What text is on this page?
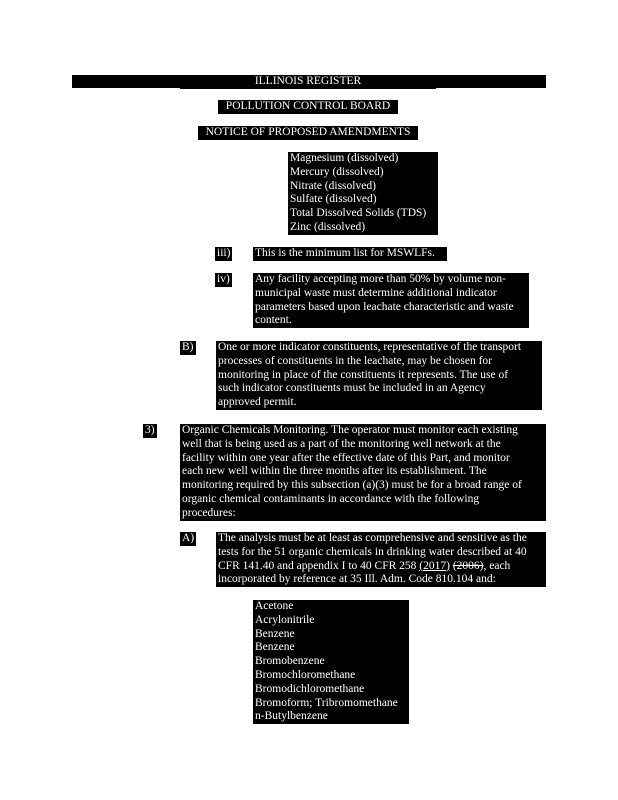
ILLINOIS REGISTER
POLLUTION CONTROL BOARD
NOTICE OF PROPOSED AMENDMENTS
Magnesium (dissolved)
Mercury (dissolved)
Nitrate (dissolved)
Sulfate (dissolved)
Total Dissolved Solids (TDS)
Zinc (dissolved)
iii) This is the minimum list for MSWLFs.
iv) Any facility accepting more than 50% by volume non-
municipal waste must determine additional indicator
parameters based upon leachate characteristic and waste
content.
B) One or more indicator constituents, representative of the transport
processes of constituents in the leachate, may be chosen for
monitoring in place of the constituents it represents. The use of
such indicator constituents must be included in an Agency
approved permit.
3) Organic Chemicals Monitoring. The operator must monitor each existing
well that is being used as a part of the monitoring well network at the
facility within one year after the effective date of this Part, and monitor
each new well within the three months after its establishment. The
monitoring required by this subsection (a)(3) must be for a broad range of
organic chemical contaminants in accordance with the following
procedures:
A) The analysis must be at least as comprehensive and sensitive as the
tests for the 51 organic chemicals in drinking water described at 40
CFR 141.40 and appendix I to 40 CFR 258 (2017) (2006), each
incorporated by reference at 35 Ill. Adm. Code 810.104 and:
Acetone
Acrylonitrile
Benzene
Benzene
Bromobenzene
Bromochloromethane
Bromodichloromethane
Bromoform; Tribromomethane
n-Butylbenzene
